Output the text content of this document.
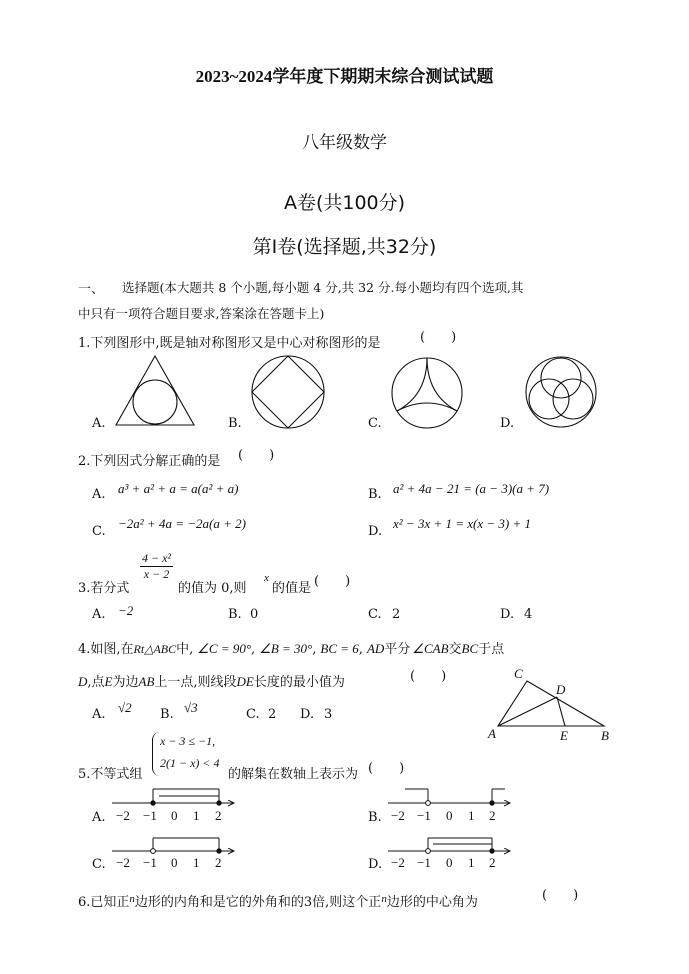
2023~2024学年度下期期末综合测试试题
八年级数学
A卷(共100分)
第Ⅰ卷(选择题,共32分)
一、 选择题(本大题共 8 个小题,每小题 4 分,共 32 分.每小题均有四个选项,其
中只有一项符合题目要求,答案涂在答题卡上)
1.下列图形中,既是轴对称图形又是中心对称图形的是	(　　)
A.	B.	C.	D.
2.下列因式分解正确的是 (　　)
A. a³ + a² + a = a(a² + a)	B. a² + 4a − 21 = (a − 3)(a + 7)
C.
−2a² + 4a = −2a(a + 2)
D.
x² − 3x + 1 = x(x − 3) + 1
3.若分式
$\frac{\text{4 − x²}}{x - 2}$
的值为 0,则
x
的值是 (　　)
A. −2	B. 0	C. 2	D. 4
4.如图,在Rt△ABC中, ∠C = 90°, ∠B = 30°, BC = 6, AD平分 ∠CAB交BC于点
D,点E为边AB上一点,则线段DE长度的最小值为	(　　)
A. √2 B. √3	C. 2 D. 3
C
D
A	E	B
5.不等式组
x − 3 ≤ −1,
2(1 − x) < 4
的解集在数轴上表示为 (　　)
A.	B.
C.	D.
−2 −1 0 1 2	−2 −1 0 1 2
−2 −1 0 1 2	−2 −1 0 1 2
6.已知正$^n$边形的内角和是它的外角和的3倍,则这个正$^n$边形的中心角为	(　　)
